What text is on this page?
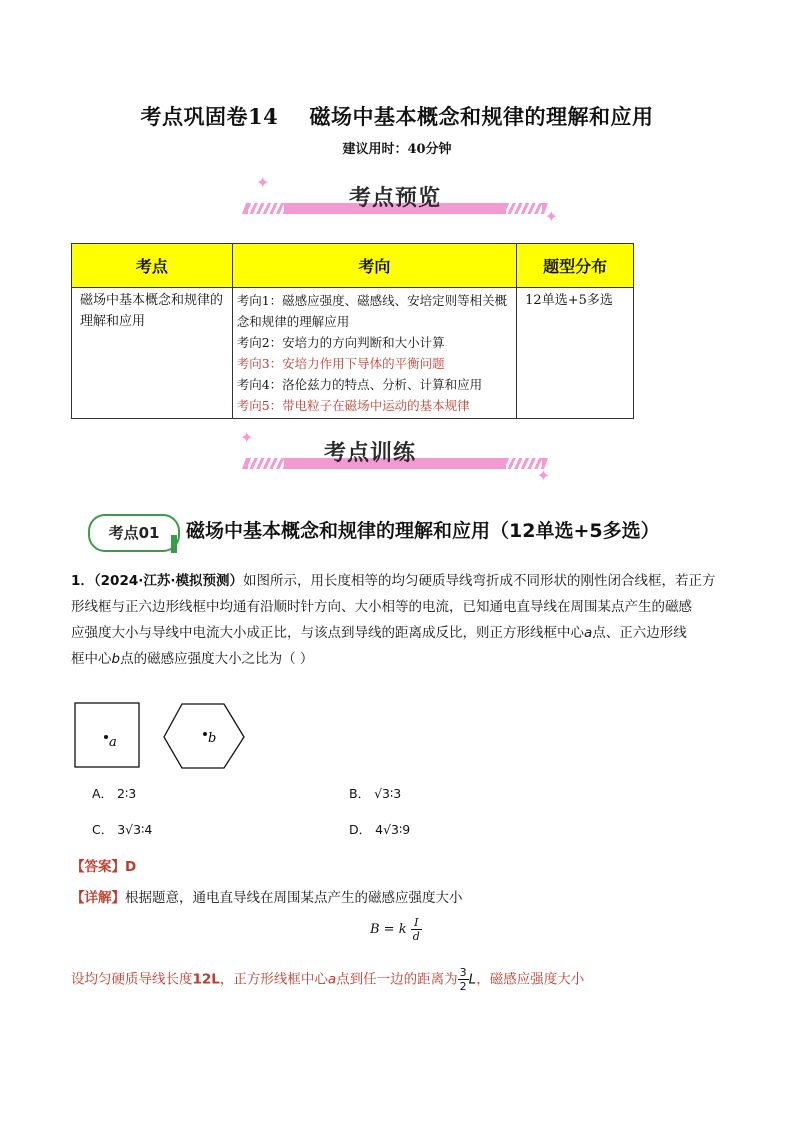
考点巩固卷14    磁场中基本概念和规律的理解和应用
建议用时：40分钟
✦
✦
考点预览
考点	考向	题型分布
磁场中基本概念和规律的理解和应用	考向1：磁感应强度、磁感线、安培定则等相关概念和规律的理解应用
考向2：安培力的方向判断和大小计算
考向3：安培力作用下导体的平衡问题
考向4：洛伦兹力的特点、分析、计算和应用
考向5：带电粒子在磁场中运动的基本规律	12单选+5多选
✦
✦
考点训练
考点01	磁场中基本概念和规律的理解和应用（12单选+5多选）
1．（2024·江苏·模拟预测）如图所示，用长度相等的均匀硬质导线弯折成不同形状的刚性闭合线框，若正方
形线框与正六边形线框中均通有沿顺时针方向、大小相等的电流，已知通电直导线在周围某点产生的磁感
应强度大小与导线中电流大小成正比，与该点到导线的距离成反比，则正方形线框中心a点、正六边形线
框中心b点的磁感应强度大小之比为（ ）
a	b
A． 2∶3	B． √3∶3
C． 3√3∶4	D． 4√3∶9
【答案】D
【详解】根据题意，通电直导线在周围某点产生的磁感应强度大小
B = k $\frac{I}{d}$
设均匀硬质导线长度12L，正方形线框中心a点到任一边的距离为 $\frac{3}{2}$ L，磁感应强度大小
